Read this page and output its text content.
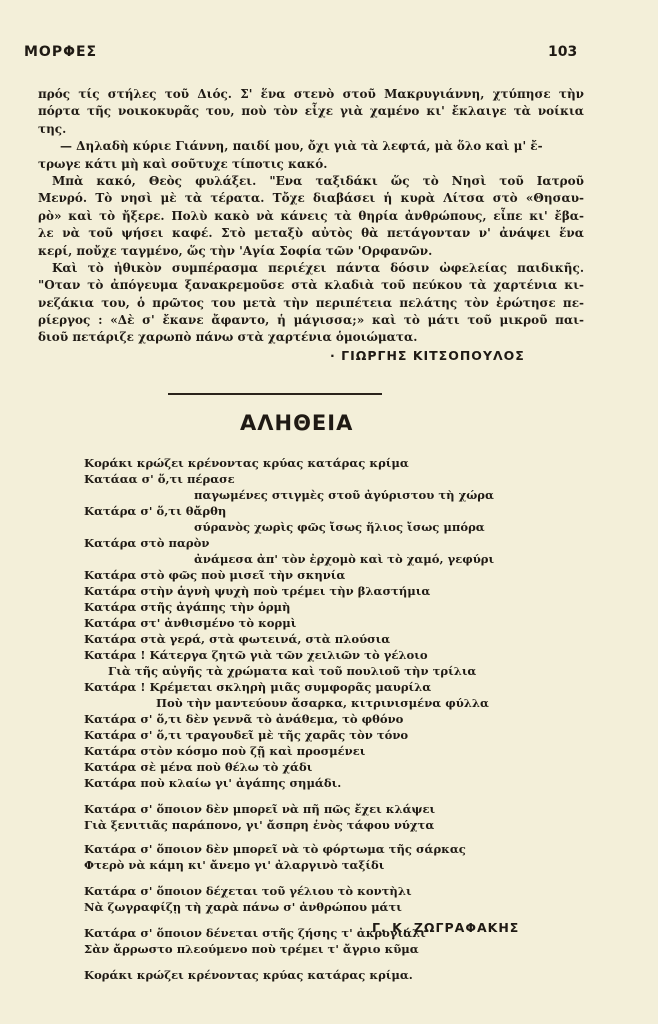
ΜΟΡΦΕΣ	103
πρός τίς στήλες τοῦ Διός. Σ' ἕνα στενὸ στοῦ Μακρυγιάννη, χτύπησε τὴν
πόρτα τῆς νοικοκυρᾶς του, ποὺ τὸν εἶχε γιὰ χαμένο κι' ἔκλαιγε τὰ νοίκια
της.
— Δηλαδὴ κύριε Γιάννη, παιδί μου, ὄχι γιὰ τὰ λεφτά, μὰ ὅλο καὶ μ' ἔ-
τρωγε κάτι μὴ καὶ σοῦτυχε τίποτις κακό.
Μπὰ κακό, Θεὸς φυλάξει. "Ενα ταξιδάκι ὥς τὸ Νησὶ τοῦ Ιατροῦ
Μενρό. Τὸ νησὶ μὲ τὰ τέρατα. Τὄχε διαβάσει ἡ κυρὰ Λίτσα στὸ «Θησαυ-
ρὸ» καὶ τὸ ἤξερε. Πολὺ κακὸ νὰ κάνεις τὰ θηρία ἀνθρώπους, εἶπε κι' ἔβα-
λε νὰ τοῦ ψήσει καφέ. Στὸ μεταξὺ αὐτὸς θὰ πετάγονταν ν' ἀνάψει ἕνα
κερί, ποὔχε ταγμένο, ὥς τὴν 'Αγία Σοφία τῶν 'Ορφανῶν.
Καὶ τὸ ἠθικὸν συμπέρασμα περιέχει πάντα δόσιν ὠφελείας παιδικῆς.
"Οταν τὸ ἀπόγευμα ξανακρεμοῦσε στὰ κλαδιὰ τοῦ πεύκου τὰ χαρτένια κι-
νεζάκια του, ὁ πρῶτος του μετὰ τὴν περιπέτεια πελάτης τὸν ἐρώτησε πε-
ρίεργος : «Δὲ σ' ἔκανε ἄφαντο, ἡ μάγισσα;» καὶ τὸ μάτι τοῦ μικροῦ παι-
διοῦ πετάριζε χαρωπὸ πάνω στὰ χαρτένια ὁμοιώματα.
· ΓΙΩΡΓΗΣ ΚΙΤΣΟΠΟΥΛΟΣ
ΑΛΗΘΕΙΑ
Κοράκι κρώζει κρένοντας κρύας κατάρας κρίμα
Κατάαα σ' ὅ,τι πέρασε
παγωμένες στιγμὲς στοῦ ἀγύριστου τὴ χώρα
Κατάρα σ' ὅ,τι θἄρθη
σύρανὸς χωρὶς φῶς ἴσως ἥλιος ἴσως μπόρα
Κατάρα στὸ παρὸν
ἀνάμεσα ἀπ' τὸν ἐρχομὸ καὶ τὸ χαμό, γεφύρι
Κατάρα στὸ φῶς ποὺ μισεῖ τὴν σκηνία
Κατάρα στὴν ἁγνὴ ψυχὴ ποὺ τρέμει τὴν βλαστήμια
Κατάρα στῆς ἀγάπης τὴν ὁρμὴ
Κατάρα στ' ἀνθισμένο τὸ κορμὶ
Κατάρα στὰ γερά, στὰ φωτεινά, στὰ πλούσια
Κατάρα ! Κάτεργα ζητῶ γιὰ τῶν χειλιῶν τὸ γέλοιο
Γιὰ τῆς αὐγῆς τὰ χρώματα καὶ τοῦ πουλιοῦ τὴν τρίλια
Κατάρα ! Κρέμεται σκληρὴ μιᾶς συμφορᾶς μαυρίλα
Ποὺ τὴν μαντεύουν ἄσαρκα, κιτρινισμένα φύλλα
Κατάρα σ' ὅ,τι δὲν γεννᾶ τὸ ἀνάθεμα, τὸ φθόνο
Κατάρα σ' ὅ,τι τραγουδεῖ μὲ τῆς χαρᾶς τὸν τόνο
Κατάρα στὸν κόσμο ποὺ ζῇ καὶ προσμένει
Κατάρα σὲ μένα ποὺ θέλω τὸ χάδι
Κατάρα ποὺ κλαίω γι' ἀγάπης σημάδι.
Κατάρα σ' ὅποιον δὲν μπορεῖ νὰ πῆ πῶς ἔχει κλάψει
Γιὰ ξενιτιᾶς παράπονο, γι' ἄσπρη ἑνὸς τάφου νύχτα
Κατάρα σ' ὅποιον δὲν μπορεῖ νὰ τὸ φόρτωμα τῆς σάρκας
Φτερὸ νὰ κάμη κι' ἄνεμο γι' ἀλαργινὸ ταξίδι
Κατάρα σ' ὅποιον δέχεται τοῦ γέλιου τὸ κοντὴλι
Νὰ ζωγραφίζῃ τὴ χαρὰ πάνω σ' ἀνθρώπου μάτι
Κατάρα σ' ὅποιον δένεται στῆς ζήσης τ' ἀκρογιάλι
Σὰν ἄρρωστο πλεούμενο ποὺ τρέμει τ' ἄγριο κῦμα
Κοράκι κρώζει κρένοντας κρύας κατάρας κρίμα.
Γ. Κ. ΖΩΓΡΑΦΑΚΗΣ
